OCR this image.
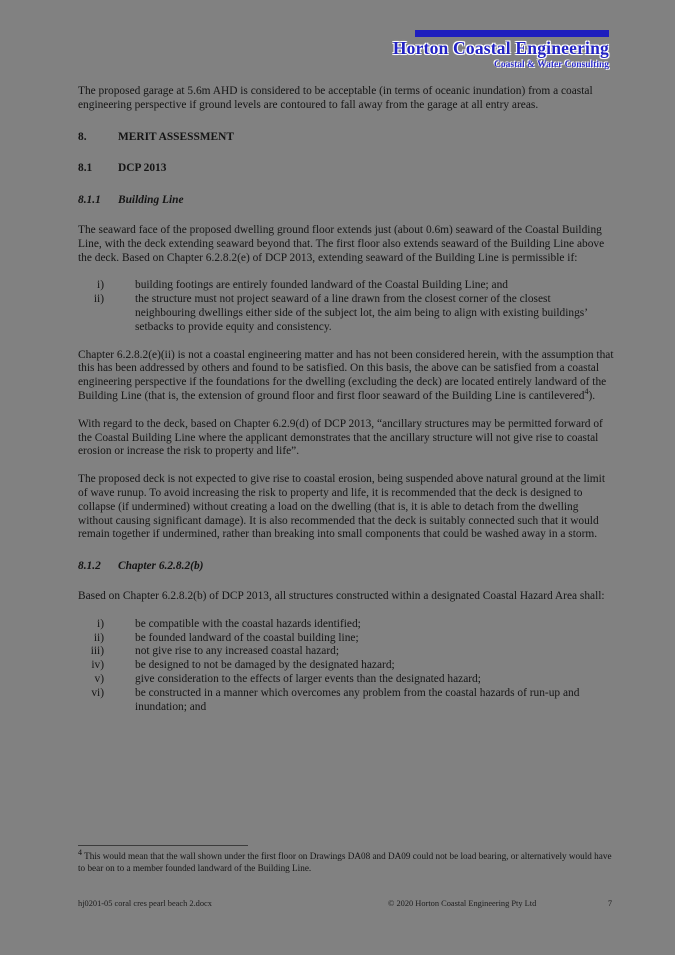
Horton Coastal Engineering
Coastal & Water Consulting

The proposed garage at 5.6m AHD is considered to be acceptable (in terms of oceanic inundation) from a coastal engineering perspective if ground levels are contoured to fall away from the garage at all entry areas.

8.	MERIT ASSESSMENT
8.1	DCP 2013
8.1.1	Building Line

The seaward face of the proposed dwelling ground floor extends just (about 0.6m) seaward of the Coastal Building Line, with the deck extending seaward beyond that. The first floor also extends seaward of the Building Line above the deck. Based on Chapter 6.2.8.2(e) of DCP 2013, extending seaward of the Building Line is permissible if:

i)	building footings are entirely founded landward of the Coastal Building Line; and
ii)	the structure must not project seaward of a line drawn from the closest corner of the closest neighbouring dwellings either side of the subject lot, the aim being to align with existing buildings’ setbacks to provide equity and consistency.

Chapter 6.2.8.2(e)(ii) is not a coastal engineering matter and has not been considered herein, with the assumption that this has been addressed by others and found to be satisfied. On this basis, the above can be satisfied from a coastal engineering perspective if the foundations for the dwelling (excluding the deck) are located entirely landward of the Building Line (that is, the extension of ground floor and first floor seaward of the Building Line is cantilevered$^4$).

With regard to the deck, based on Chapter 6.2.9(d) of DCP 2013, “ancillary structures may be permitted forward of the Coastal Building Line where the applicant demonstrates that the ancillary structure will not give rise to coastal erosion or increase the risk to property and life”.

The proposed deck is not expected to give rise to coastal erosion, being suspended above natural ground at the limit of wave runup. To avoid increasing the risk to property and life, it is recommended that the deck is designed to collapse (if undermined) without creating a load on the dwelling (that is, it is able to detach from the dwelling without causing significant damage). It is also recommended that the deck is suitably connected such that it would remain together if undermined, rather than breaking into small components that could be washed away in a storm.

8.1.2	Chapter 6.2.8.2(b)

Based on Chapter 6.2.8.2(b) of DCP 2013, all structures constructed within a designated Coastal Hazard Area shall:

i)	be compatible with the coastal hazards identified;
ii)	be founded landward of the coastal building line;
iii)	not give rise to any increased coastal hazard;
iv)	be designed to not be damaged by the designated hazard;
v)	give consideration to the effects of larger events than the designated hazard;
vi)	be constructed in a manner which overcomes any problem from the coastal hazards of run-up and inundation; and
$^4$ This would mean that the wall shown under the first floor on Drawings DA08 and DA09 could not be load bearing, or alternatively would have to bear on to a member founded landward of the Building Line.
hj0201-05 coral cres pearl beach 2.docx	© 2020 Horton Coastal Engineering Pty Ltd	7
